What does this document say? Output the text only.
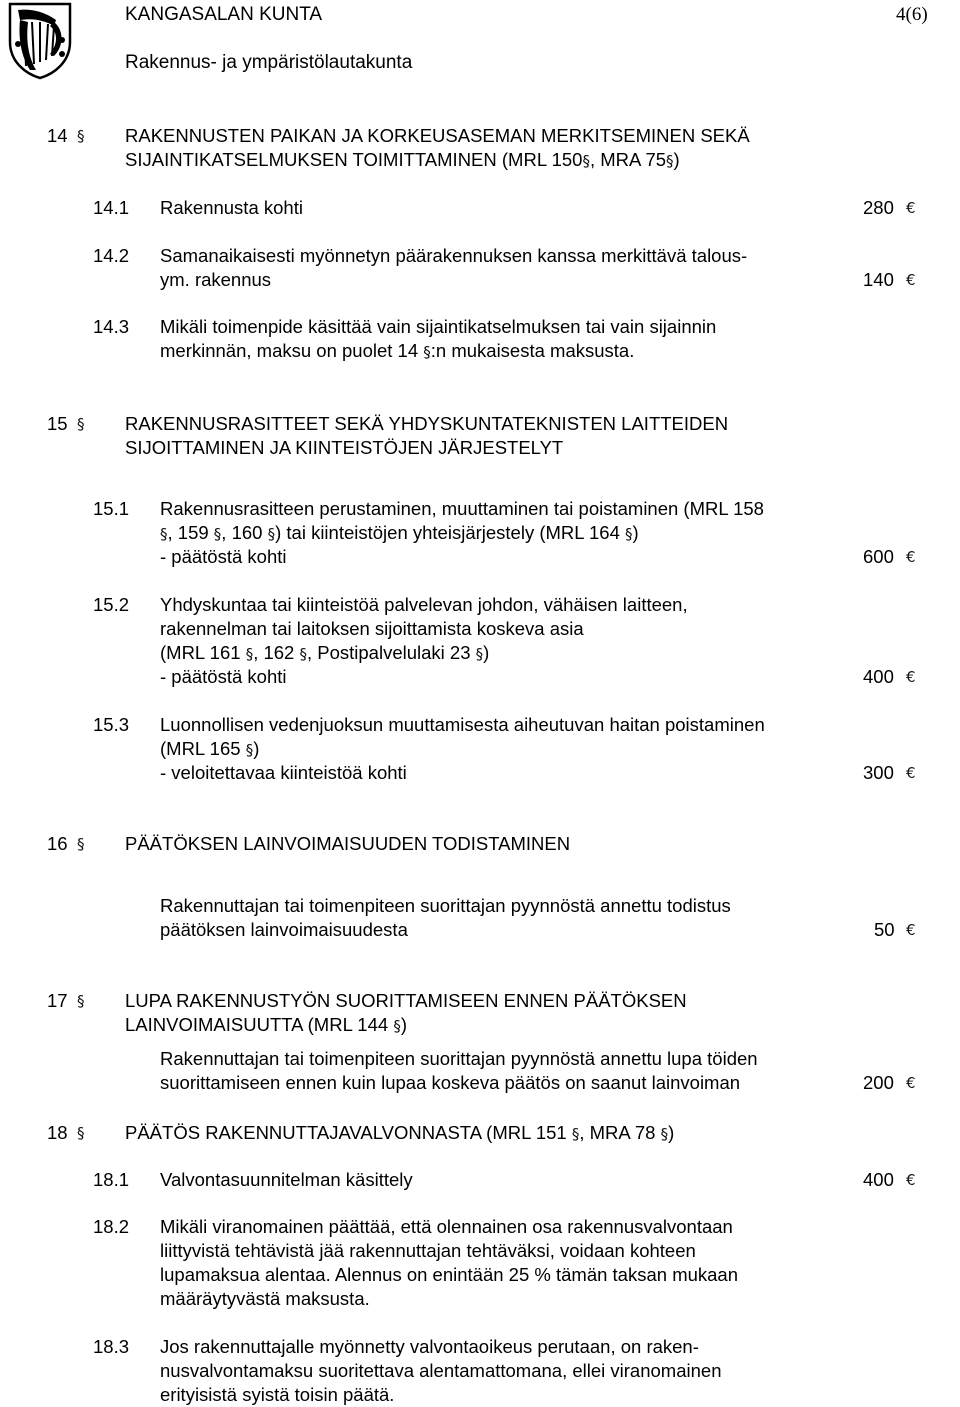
KANGASALAN KUNTA	4(6)
Rakennus- ja ympäristölautakunta
14 § RAKENNUSTEN PAIKAN JA KORKEUSASEMAN MERKITSEMINEN SEKÄ
SIJAINTIKATSELMUKSEN TOIMITTAMINEN (MRL 150§, MRA 75§)
14.1 Rakennusta kohti	280 €
14.2 Samanaikaisesti myönnetyn päärakennuksen kanssa merkittävä talous-
ym. rakennus	140 €
14.3 Mikäli toimenpide käsittää vain sijaintikatselmuksen tai vain sijainnin
merkinnän, maksu on puolet 14 §:n mukaisesta maksusta.
15 § RAKENNUSRASITTEET SEKÄ YHDYSKUNTATEKNISTEN LAITTEIDEN
SIJOITTAMINEN JA KIINTEISTÖJEN JÄRJESTELYT
15.1 Rakennusrasitteen perustaminen, muuttaminen tai poistaminen (MRL 158
§, 159 §, 160 §) tai kiinteistöjen yhteisjärjestely (MRL 164 §)
- päätöstä kohti	600 €
15.2 Yhdyskuntaa tai kiinteistöä palvelevan johdon, vähäisen laitteen,
rakennelman tai laitoksen sijoittamista koskeva asia
(MRL 161 §, 162 §, Postipalvelulaki 23 §)
- päätöstä kohti	400 €
15.3 Luonnollisen vedenjuoksun muuttamisesta aiheutuvan haitan poistaminen
(MRL 165 §)
- veloitettavaa kiinteistöä kohti	300 €
16 § PÄÄTÖKSEN LAINVOIMAISUUDEN TODISTAMINEN
Rakennuttajan tai toimenpiteen suorittajan pyynnöstä annettu todistus
päätöksen lainvoimaisuudesta	50 €
17 § LUPA RAKENNUSTYÖN SUORITTAMISEEN ENNEN PÄÄTÖKSEN
LAINVOIMAISUUTTA (MRL 144 §)
Rakennuttajan tai toimenpiteen suorittajan pyynnöstä annettu lupa töiden
suorittamiseen ennen kuin lupaa koskeva päätös on saanut lainvoiman	200 €
18 § PÄÄTÖS RAKENNUTTAJAVALVONNASTA (MRL 151 §, MRA 78 §)
18.1 Valvontasuunnitelman käsittely	400 €
18.2 Mikäli viranomainen päättää, että olennainen osa rakennusvalvontaan
liittyvistä tehtävistä jää rakennuttajan tehtäväksi, voidaan kohteen
lupamaksua alentaa. Alennus on enintään 25 % tämän taksan mukaan
määräytyvästä maksusta.
18.3 Jos rakennuttajalle myönnetty valvontaoikeus perutaan, on raken-
nusvalvontamaksu suoritettava alentamattomana, ellei viranomainen
erityisistä syistä toisin päätä.
